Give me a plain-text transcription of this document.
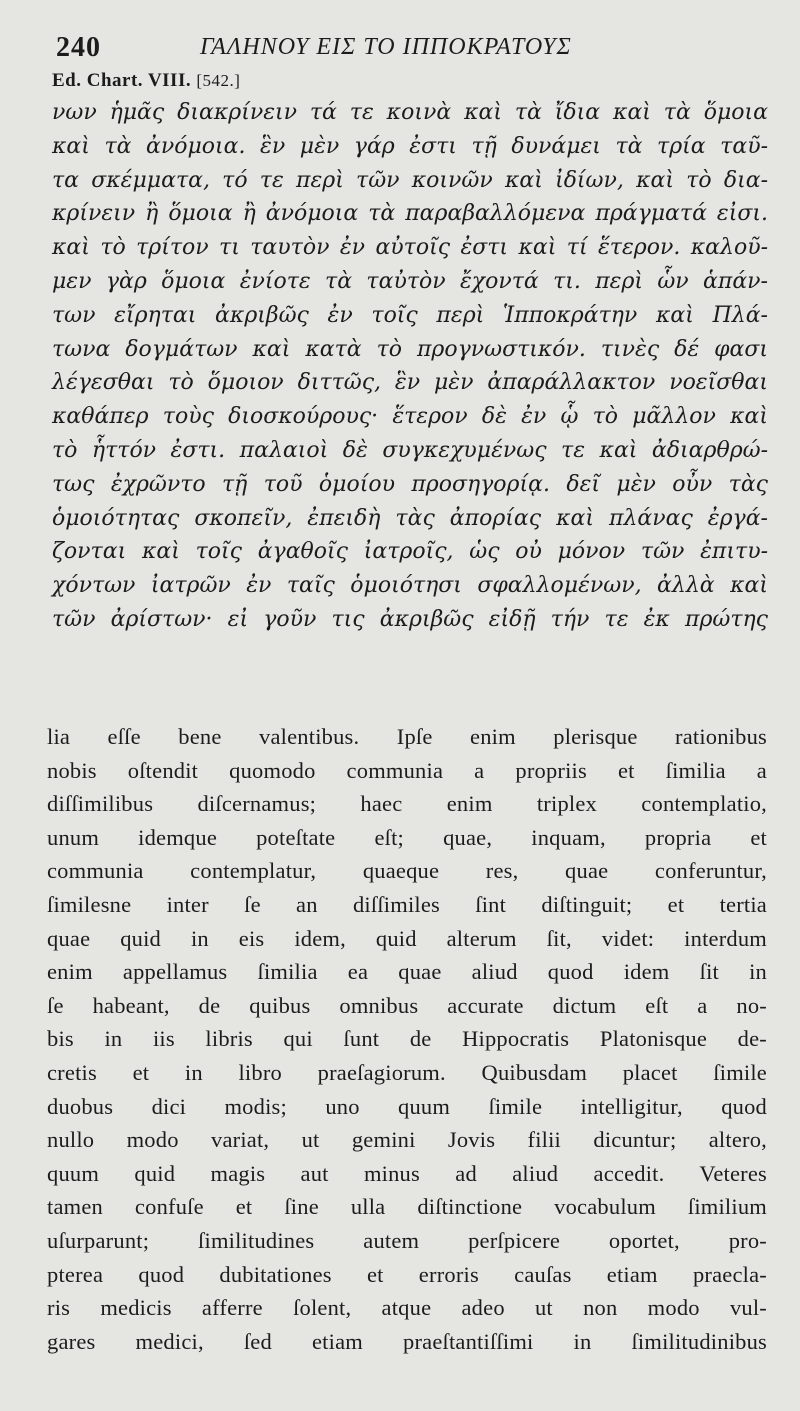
240	ΓΑΛΗΝΟΥ ΕΙΣ ΤΟ ΙΠΠΟΚΡΑΤΟΥΣ
Ed. Chart. VIII. [542.]
νων ἡμᾶς διακρίνειν τά τε κοινὰ καὶ τὰ ἴδια καὶ τὰ ὅμοια
καὶ τὰ ἀνόμοια. ἓν μὲν γάρ ἐστι τῇ δυνάμει τὰ τρία ταῦ-
τα σκέμματα, τό τε περὶ τῶν κοινῶν καὶ ἰδίων, καὶ τὸ δια-
κρίνειν ἢ ὅμοια ἢ ἀνόμοια τὰ παραβαλλόμενα πράγματά εἰσι.
καὶ τὸ τρίτον τι ταυτὸν ἐν αὐτοῖς ἐστι καὶ τί ἕτερον. καλοῦ-
μεν γὰρ ὅμοια ἐνίοτε τὰ ταὐτὸν ἔχοντά τι. περὶ ὧν ἁπάν-
των εἴρηται ἀκριβῶς ἐν τοῖς περὶ Ἱπποκράτην καὶ Πλά-
τωνα δογμάτων καὶ κατὰ τὸ προγνωστικόν. τινὲς δέ φασι
λέγεσθαι τὸ ὅμοιον διττῶς, ἓν μὲν ἀπαράλλακτον νοεῖσθαι
καθάπερ τοὺς διοσκούρους· ἕτερον δὲ ἐν ᾧ τὸ μᾶλλον καὶ
τὸ ἧττόν ἐστι. παλαιοὶ δὲ συγκεχυμένως τε καὶ ἀδιαρθρώ-
τως ἐχρῶντο τῇ τοῦ ὁμοίου προσηγορίᾳ. δεῖ μὲν οὖν τὰς
ὁμοιότητας σκοπεῖν, ἐπειδὴ τὰς ἀπορίας καὶ πλάνας ἐργά-
ζονται καὶ τοῖς ἀγαθοῖς ἰατροῖς, ὡς οὐ μόνον τῶν ἐπιτυ-
χόντων ἰατρῶν ἐν ταῖς ὁμοιότησι σφαλλομένων, ἀλλὰ καὶ
τῶν ἀρίστων· εἰ γοῦν τις ἀκριβῶς εἰδῇ τήν τε ἐκ πρώτης
lia eſſe bene valentibus. Ipſe enim plerisque rationibus
nobis oſtendit quomodo communia a propriis et ſimilia a
diſſimilibus diſcernamus; haec enim triplex contemplatio,
unum idemque poteſtate eſt; quae, inquam, propria et
communia contemplatur, quaeque res, quae conferuntur,
ſimilesne inter ſe an diſſimiles ſint diſtinguit; et tertia
quae quid in eis idem, quid alterum ſit, videt: interdum
enim appellamus ſimilia ea quae aliud quod idem ſit in
ſe habeant, de quibus omnibus accurate dictum eſt a no-
bis in iis libris qui ſunt de Hippocratis Platonisque de-
cretis et in libro praeſagiorum. Quibusdam placet ſimile
duobus dici modis; uno quum ſimile intelligitur, quod
nullo modo variat, ut gemini Jovis filii dicuntur; altero,
quum quid magis aut minus ad aliud accedit. Veteres
tamen confuſe et ſine ulla diſtinctione vocabulum ſimilium
uſurparunt; ſimilitudines autem perſpicere oportet, pro-
pterea quod dubitationes et erroris cauſas etiam praecla-
ris medicis afferre ſolent, atque adeo ut non modo vul-
gares medici, ſed etiam praeſtantiſſimi in ſimilitudinibus
